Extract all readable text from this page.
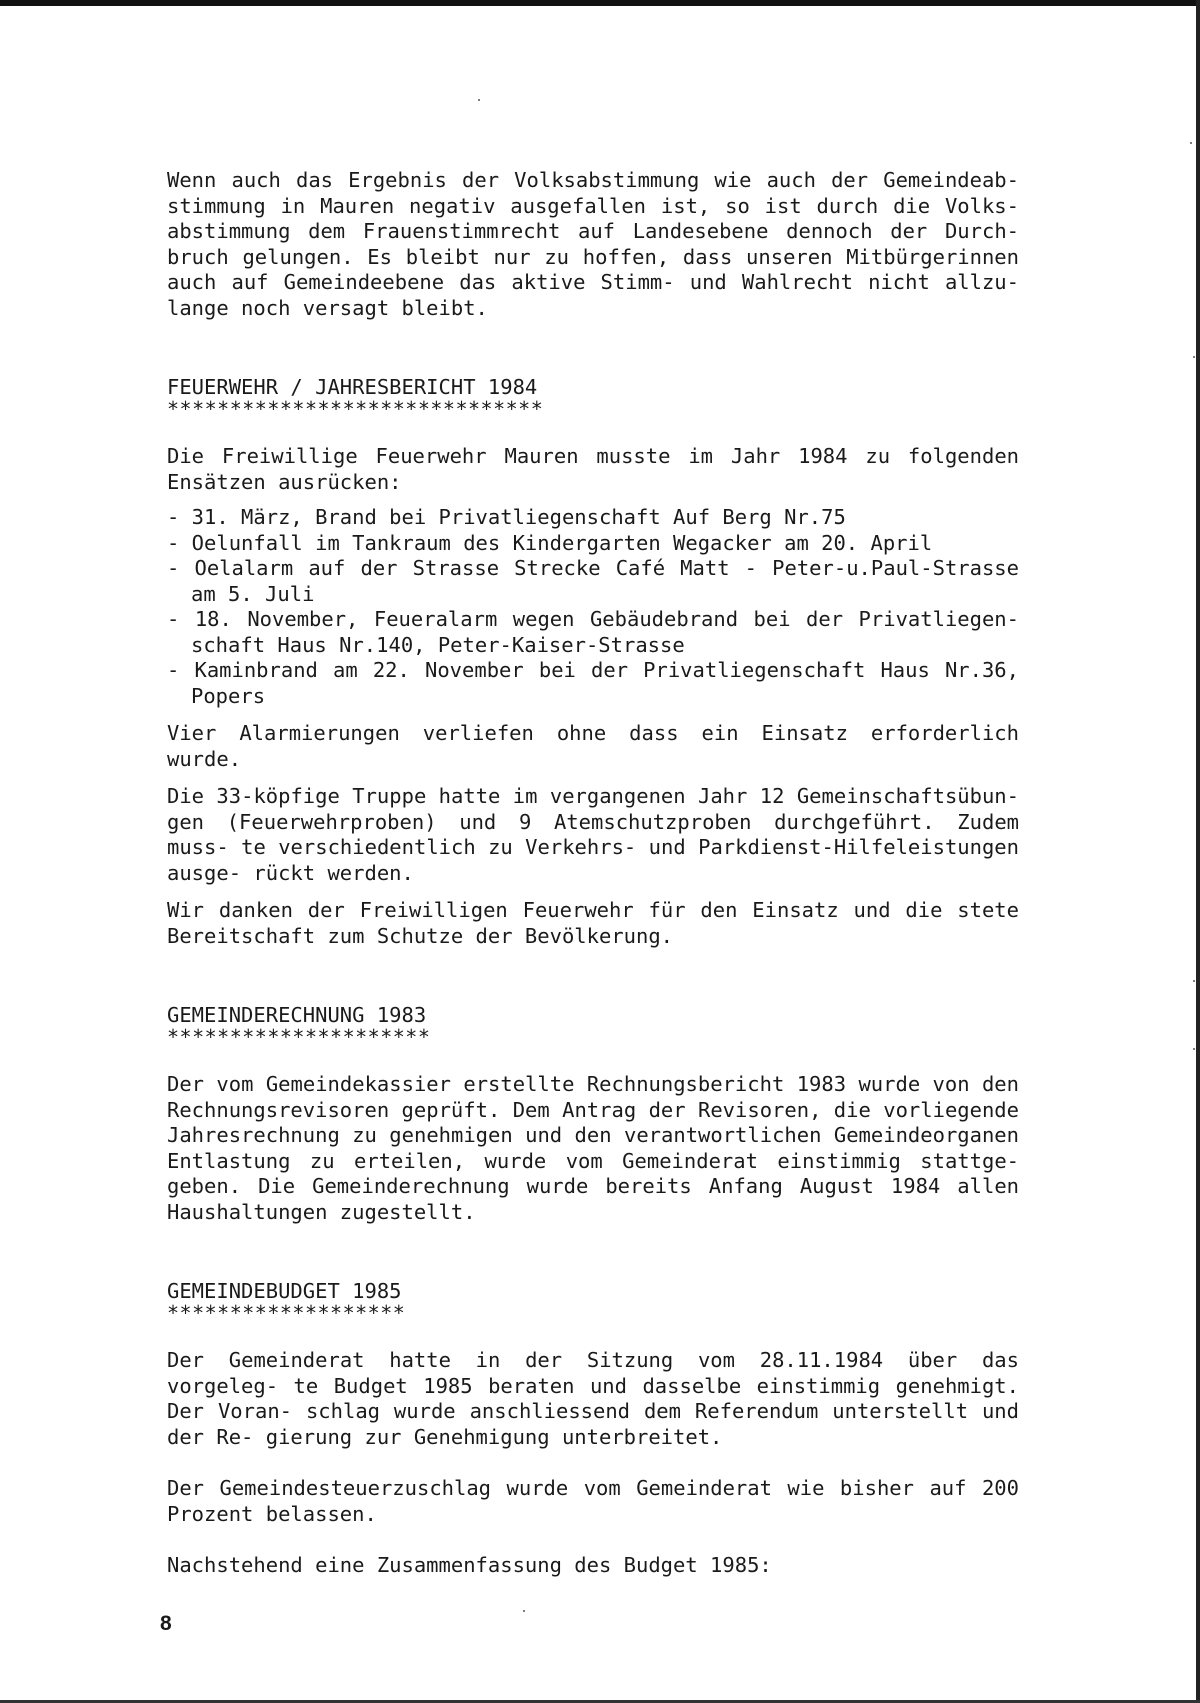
Wenn auch das Ergebnis der Volksabstimmung wie auch der Gemeindeab- stimmung in Mauren negativ ausgefallen ist, so ist durch die Volks- abstimmung dem Frauenstimmrecht auf Landesebene dennoch der Durch- bruch gelungen. Es bleibt nur zu hoffen, dass unseren Mitbürgerinnen auch auf Gemeindeebene das aktive Stimm- und Wahlrecht nicht allzu- lange noch versagt bleibt.

FEUERWEHR / JAHRESBERICHT 1984

******************************

Die Freiwillige Feuerwehr Mauren musste im Jahr 1984 zu folgenden Ensätzen ausrücken:

- 31. März, Brand bei Privatliegenschaft Auf Berg Nr.75
- Oelunfall im Tankraum des Kindergarten Wegacker am 20. April
- Oelalarm auf der Strasse Strecke Café Matt - Peter-u.Paul-Strasse am 5. Juli
- 18. November, Feueralarm wegen Gebäudebrand bei der Privatliegen- schaft Haus Nr.140, Peter-Kaiser-Strasse
- Kaminbrand am 22. November bei der Privatliegenschaft Haus Nr.36, Popers

Vier Alarmierungen verliefen ohne dass ein Einsatz erforderlich wurde.

Die 33-köpfige Truppe hatte im vergangenen Jahr 12 Gemeinschaftsübun- gen (Feuerwehrproben) und 9 Atemschutzproben durchgeführt. Zudem muss- te verschiedentlich zu Verkehrs- und Parkdienst-Hilfeleistungen ausge- rückt werden.

Wir danken der Freiwilligen Feuerwehr für den Einsatz und die stete Bereitschaft zum Schutze der Bevölkerung.

GEMEINDERECHNUNG 1983

*********************

Der vom Gemeindekassier erstellte Rechnungsbericht 1983 wurde von den Rechnungsrevisoren geprüft. Dem Antrag der Revisoren, die vorliegende Jahresrechnung zu genehmigen und den verantwortlichen Gemeindeorganen Entlastung zu erteilen, wurde vom Gemeinderat einstimmig stattge- geben. Die Gemeinderechnung wurde bereits Anfang August 1984 allen Haushaltungen zugestellt.

GEMEINDEBUDGET 1985

*******************

Der Gemeinderat hatte in der Sitzung vom 28.11.1984 über das vorgeleg- te Budget 1985 beraten und dasselbe einstimmig genehmigt. Der Voran- schlag wurde anschliessend dem Referendum unterstellt und der Re- gierung zur Genehmigung unterbreitet.

Der Gemeindesteuerzuschlag wurde vom Gemeinderat wie bisher auf 200 Prozent belassen.

Nachstehend eine Zusammenfassung des Budget 1985:

8
